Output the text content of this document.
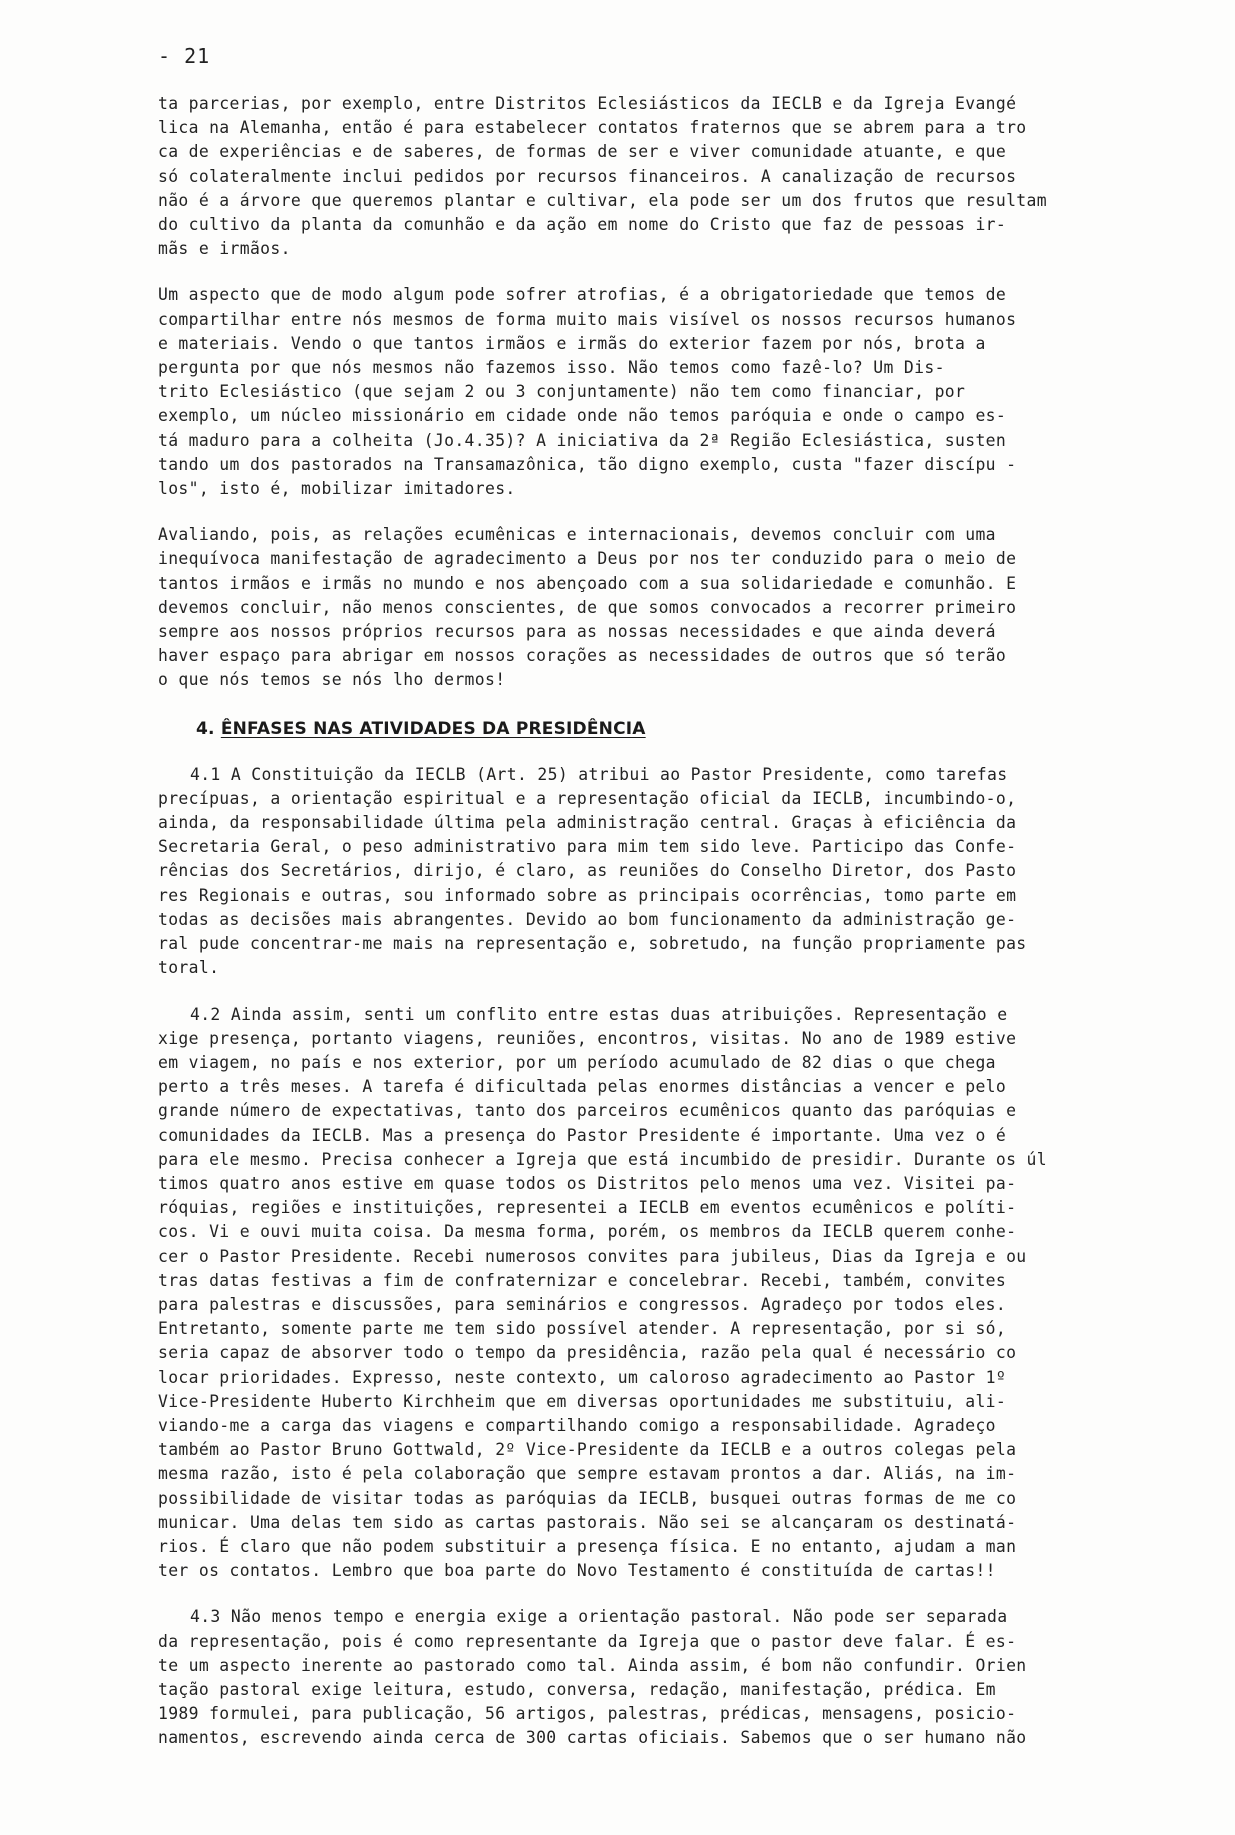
- 21

ta parcerias, por exemplo, entre Distritos Eclesiásticos da IECLB e da Igreja Evangé
lica na Alemanha, então é para estabelecer contatos fraternos que se abrem para a tro
ca de experiências e de saberes, de formas de ser e viver comunidade atuante, e que
só colateralmente inclui pedidos por recursos financeiros. A canalização de recursos
não é a árvore que queremos plantar e cultivar, ela pode ser um dos frutos que resultam
do cultivo da planta da comunhão e da ação em nome do Cristo que faz de pessoas ir-
mãs e irmãos.

Um aspecto que de modo algum pode sofrer atrofias, é a obrigatoriedade que temos de
compartilhar entre nós mesmos de forma muito mais visível os nossos recursos humanos
e materiais. Vendo o que tantos irmãos e irmãs do exterior fazem por nós, brota a
pergunta por que nós mesmos não fazemos isso. Não temos como fazê-lo? Um Dis-
trito Eclesiástico (que sejam 2 ou 3 conjuntamente) não tem como financiar, por
exemplo, um núcleo missionário em cidade onde não temos paróquia e onde o campo es-
tá maduro para a colheita (Jo.4.35)? A iniciativa da 2ª Região Eclesiástica, susten
tando um dos pastorados na Transamazônica, tão digno exemplo, custa "fazer discípu -
los", isto é, mobilizar imitadores.

Avaliando, pois, as relações ecumênicas e internacionais, devemos concluir com uma
inequívoca manifestação de agradecimento a Deus por nos ter conduzido para o meio de
tantos irmãos e irmãs no mundo e nos abençoado com a sua solidariedade e comunhão. E
devemos concluir, não menos conscientes, de que somos convocados a recorrer primeiro
sempre aos nossos próprios recursos para as nossas necessidades e que ainda deverá
haver espaço para abrigar em nossos corações as necessidades de outros que só terão
o que nós temos se nós lho dermos!

4. ÊNFASES NAS ATIVIDADES DA PRESIDÊNCIA

4.1 A Constituição da IECLB (Art. 25) atribui ao Pastor Presidente, como tarefas
precípuas, a orientação espiritual e a representação oficial da IECLB, incumbindo-o,
ainda, da responsabilidade última pela administração central. Graças à eficiência da
Secretaria Geral, o peso administrativo para mim tem sido leve. Participo das Confe-
rências dos Secretários, dirijo, é claro, as reuniões do Conselho Diretor, dos Pasto
res Regionais e outras, sou informado sobre as principais ocorrências, tomo parte em
todas as decisões mais abrangentes. Devido ao bom funcionamento da administração ge-
ral pude concentrar-me mais na representação e, sobretudo, na função propriamente pas
toral.

4.2 Ainda assim, senti um conflito entre estas duas atribuições. Representação e
xige presença, portanto viagens, reuniões, encontros, visitas. No ano de 1989 estive
em viagem, no país e nos exterior, por um período acumulado de 82 dias o que chega
perto a três meses. A tarefa é dificultada pelas enormes distâncias a vencer e pelo
grande número de expectativas, tanto dos parceiros ecumênicos quanto das paróquias e
comunidades da IECLB. Mas a presença do Pastor Presidente é importante. Uma vez o é
para ele mesmo. Precisa conhecer a Igreja que está incumbido de presidir. Durante os úl
timos quatro anos estive em quase todos os Distritos pelo menos uma vez. Visitei pa-
róquias, regiões e instituições, representei a IECLB em eventos ecumênicos e políti-
cos. Vi e ouvi muita coisa. Da mesma forma, porém, os membros da IECLB querem conhe-
cer o Pastor Presidente. Recebi numerosos convites para jubileus, Dias da Igreja e ou
tras datas festivas a fim de confraternizar e concelebrar. Recebi, também, convites
para palestras e discussões, para seminários e congressos. Agradeço por todos eles.
Entretanto, somente parte me tem sido possível atender. A representação, por si só,
seria capaz de absorver todo o tempo da presidência, razão pela qual é necessário co
locar prioridades. Expresso, neste contexto, um caloroso agradecimento ao Pastor 1º
Vice-Presidente Huberto Kirchheim que em diversas oportunidades me substituiu, ali-
viando-me a carga das viagens e compartilhando comigo a responsabilidade. Agradeço
também ao Pastor Bruno Gottwald, 2º Vice-Presidente da IECLB e a outros colegas pela
mesma razão, isto é pela colaboração que sempre estavam prontos a dar. Aliás, na im-
possibilidade de visitar todas as paróquias da IECLB, busquei outras formas de me co
municar. Uma delas tem sido as cartas pastorais. Não sei se alcançaram os destinatá-
rios. É claro que não podem substituir a presença física. E no entanto, ajudam a man
ter os contatos. Lembro que boa parte do Novo Testamento é constituída de cartas!!

4.3 Não menos tempo e energia exige a orientação pastoral. Não pode ser separada
da representação, pois é como representante da Igreja que o pastor deve falar. É es-
te um aspecto inerente ao pastorado como tal. Ainda assim, é bom não confundir. Orien
tação pastoral exige leitura, estudo, conversa, redação, manifestação, prédica. Em
1989 formulei, para publicação, 56 artigos, palestras, prédicas, mensagens, posicio-
namentos, escrevendo ainda cerca de 300 cartas oficiais. Sabemos que o ser humano não
